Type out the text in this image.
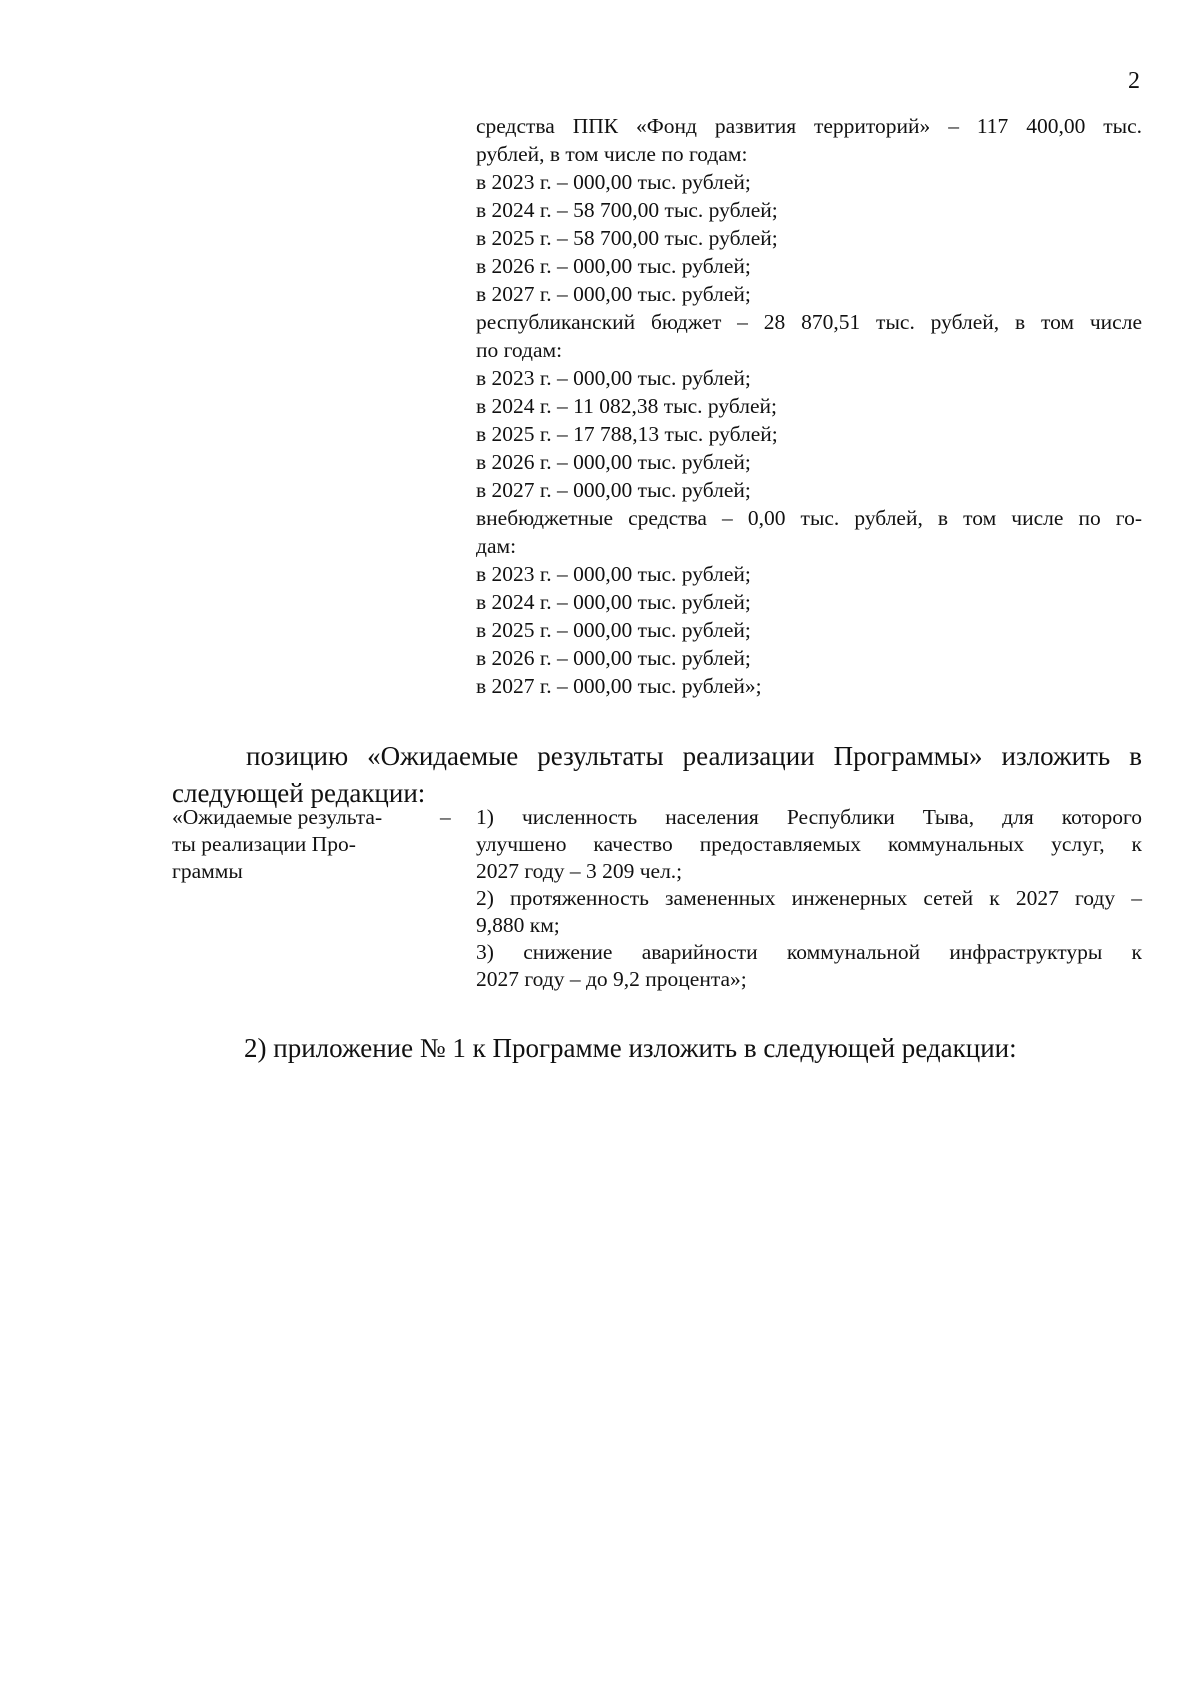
2
средства ППК «Фонд развития территорий» – 117 400,00 тыс.
рублей, в том числе по годам:
в 2023 г. – 000,00 тыс. рублей;
в 2024 г. – 58 700,00 тыс. рублей;
в 2025 г. – 58 700,00 тыс. рублей;
в 2026 г. – 000,00 тыс. рублей;
в 2027 г. – 000,00 тыс. рублей;
республиканский бюджет – 28 870,51 тыс. рублей, в том числе
по годам:
в 2023 г. – 000,00 тыс. рублей;
в 2024 г. – 11 082,38 тыс. рублей;
в 2025 г. – 17 788,13 тыс. рублей;
в 2026 г. – 000,00 тыс. рублей;
в 2027 г. – 000,00 тыс. рублей;
внебюджетные средства – 0,00 тыс. рублей, в том числе по го-
дам:
в 2023 г. – 000,00 тыс. рублей;
в 2024 г. – 000,00 тыс. рублей;
в 2025 г. – 000,00 тыс. рублей;
в 2026 г. – 000,00 тыс. рублей;
в 2027 г. – 000,00 тыс. рублей»;
позицию «Ожидаемые результаты реализации Программы» изложить в
следующей редакции:
«Ожидаемые результа-
ты реализации Про-
граммы
– 1) численность населения Республики Тыва, для которого
улучшено качество предоставляемых коммунальных услуг, к
2027 году – 3 209 чел.;
2) протяженность замененных инженерных сетей к 2027 году –
9,880 км;
3) снижение аварийности коммунальной инфраструктуры к
2027 году – до 9,2 процента»;
2) приложение № 1 к Программе изложить в следующей редакции:
